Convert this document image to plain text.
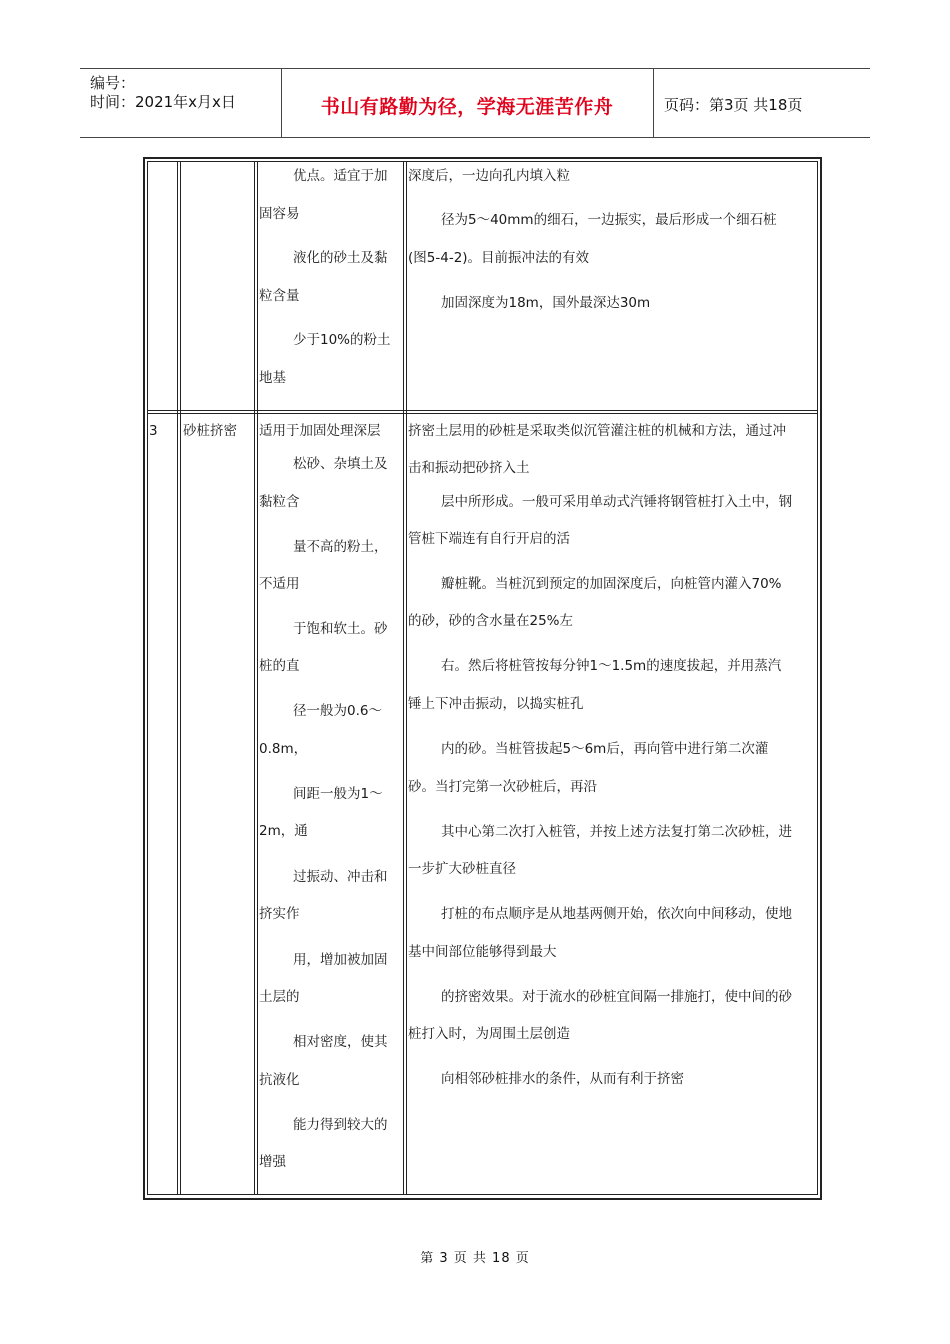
编号：
时间：2021年x月x日	书山有路勤为径，学海无涯苦作舟	页码：第3页 共18页
优点。适宜于加
固容易
液化的砂土及黏
粒含量
少于10%的粉土
地基
深度后，一边向孔内填入粒
径为5～40mm的细石，一边振实，最后形成一个细石桩
(图5-4-2)。目前振冲法的有效
加固深度为18m，国外最深达30m
3 砂桩挤密 适用于加固处理深层
松砂、杂填土及
黏粒含
量不高的粉土，
不适用
于饱和软土。砂
桩的直
径一般为0.6～
0.8m，
间距一般为1～
2m，通
过振动、冲击和
挤实作
用，增加被加固
土层的
相对密度，使其
抗液化
能力得到较大的
增强
挤密土层用的砂桩是采取类似沉管灌注桩的机械和方法，通过冲
击和振动把砂挤入土
层中所形成。一般可采用单动式汽锤将钢管桩打入土中，钢
管桩下端连有自行开启的活
瓣桩靴。当桩沉到预定的加固深度后，向桩管内灌入70%
的砂，砂的含水量在25%左
右。然后将桩管按每分钟1～1.5m的速度拔起，并用蒸汽
锤上下冲击振动，以捣实桩孔
内的砂。当桩管拔起5～6m后，再向管中进行第二次灌
砂。当打完第一次砂桩后，再沿
其中心第二次打入桩管，并按上述方法复打第二次砂桩，进
一步扩大砂桩直径
打桩的布点顺序是从地基两侧开始，依次向中间移动，使地
基中间部位能够得到最大
的挤密效果。对于流水的砂桩宜间隔一排施打，使中间的砂
桩打入时，为周围土层创造
向相邻砂桩排水的条件，从而有利于挤密
第 3 页 共 18 页
